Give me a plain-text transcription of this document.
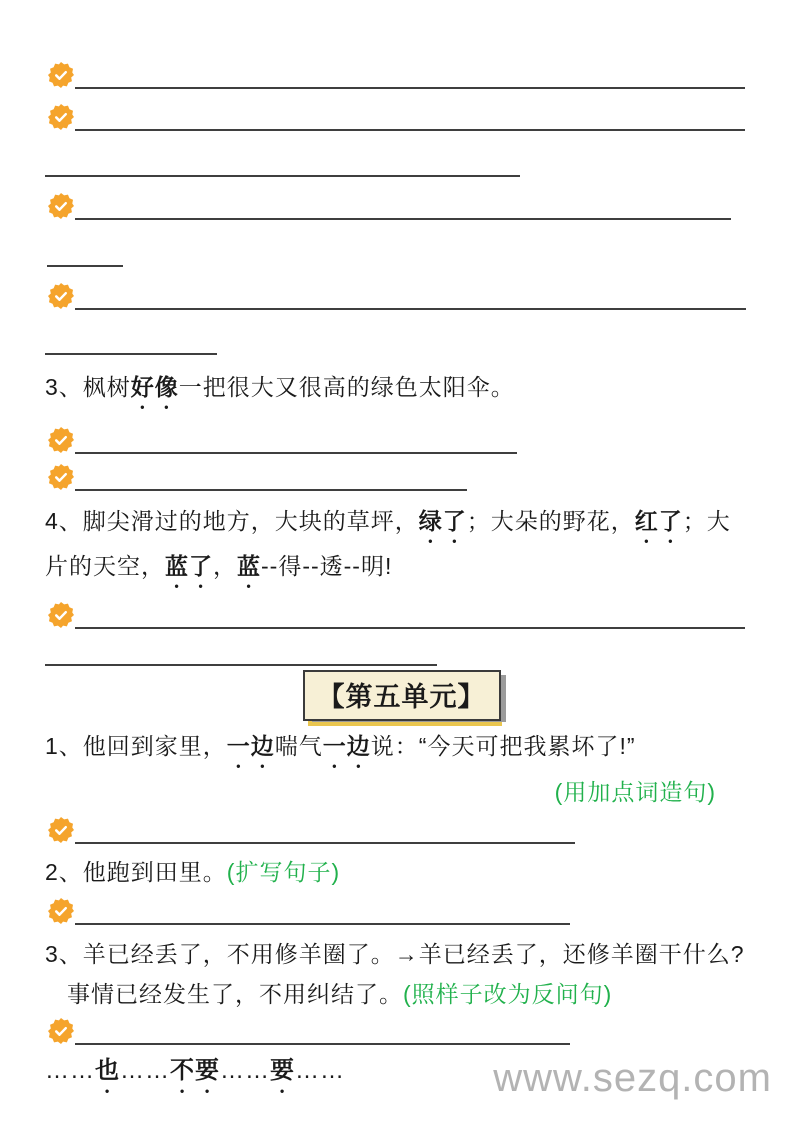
3、枫树好像一把很大又很高的绿色太阳伞。
4、脚尖滑过的地方，大块的草坪，绿了；大朵的野花，红了；大片的天空，蓝了，蓝--得--透--明!
【第五单元】
1、他回到家里，一边喘气一边说：“今天可把我累坏了!”
(用加点词造句)
2、他跑到田里。(扩写句子)
3、羊已经丢了，不用修羊圈了。→羊已经丢了，还修羊圈干什么?
事情已经发生了，不用纠结了。(照样子改为反问句)
……也……不要……要……	www.sezq.com
